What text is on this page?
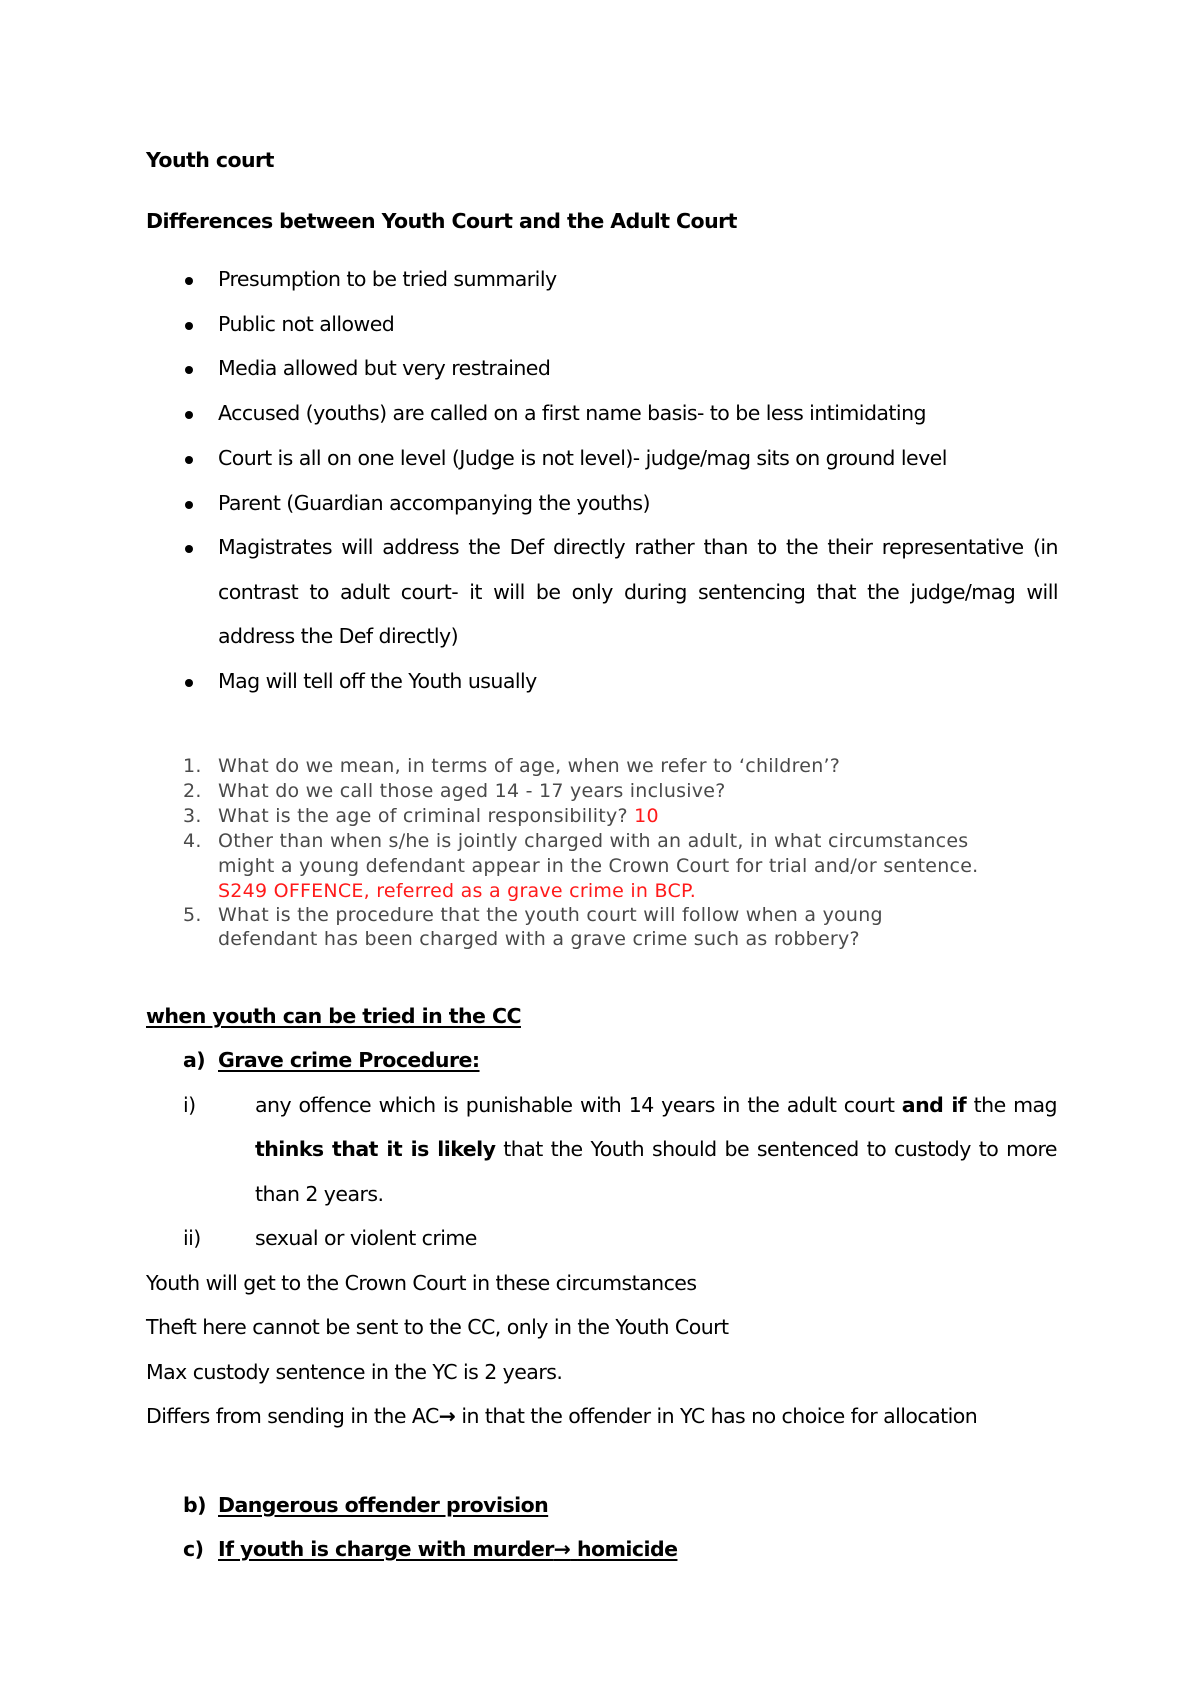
Youth court
Differences between Youth Court and the Adult Court
Presumption to be tried summarily
Public not allowed
Media allowed but very restrained
Accused (youths) are called on a first name basis- to be less intimidating
Court is all on one level (Judge is not level)- judge/mag sits on ground level
Parent (Guardian accompanying the youths)
Magistrates will address the Def directly rather than to the their representative (in
contrast to adult court- it will be only during sentencing that the judge/mag will
address the Def directly)
Mag will tell off the Youth usually
1. What do we mean, in terms of age, when we refer to ‘children’?
2. What do we call those aged 14 - 17 years inclusive?
3. What is the age of criminal responsibility? 10
4. Other than when s/he is jointly charged with an adult, in what circumstances
might a young defendant appear in the Crown Court for trial and/or sentence.
S249 OFFENCE, referred as a grave crime in BCP.
5. What is the procedure that the youth court will follow when a young
defendant has been charged with a grave crime such as robbery?
when youth can be tried in the CC
a) Grave crime Procedure:
i)	any offence which is punishable with 14 years in the adult court and if the mag
thinks that it is likely that the Youth should be sentenced to custody to more
than 2 years.
ii)	sexual or violent crime
Youth will get to the Crown Court in these circumstances
Theft here cannot be sent to the CC, only in the Youth Court
Max custody sentence in the YC is 2 years.
Differs from sending in the AC→ in that the offender in YC has no choice for allocation
b) Dangerous offender provision
c) If youth is charge with murder→ homicide
